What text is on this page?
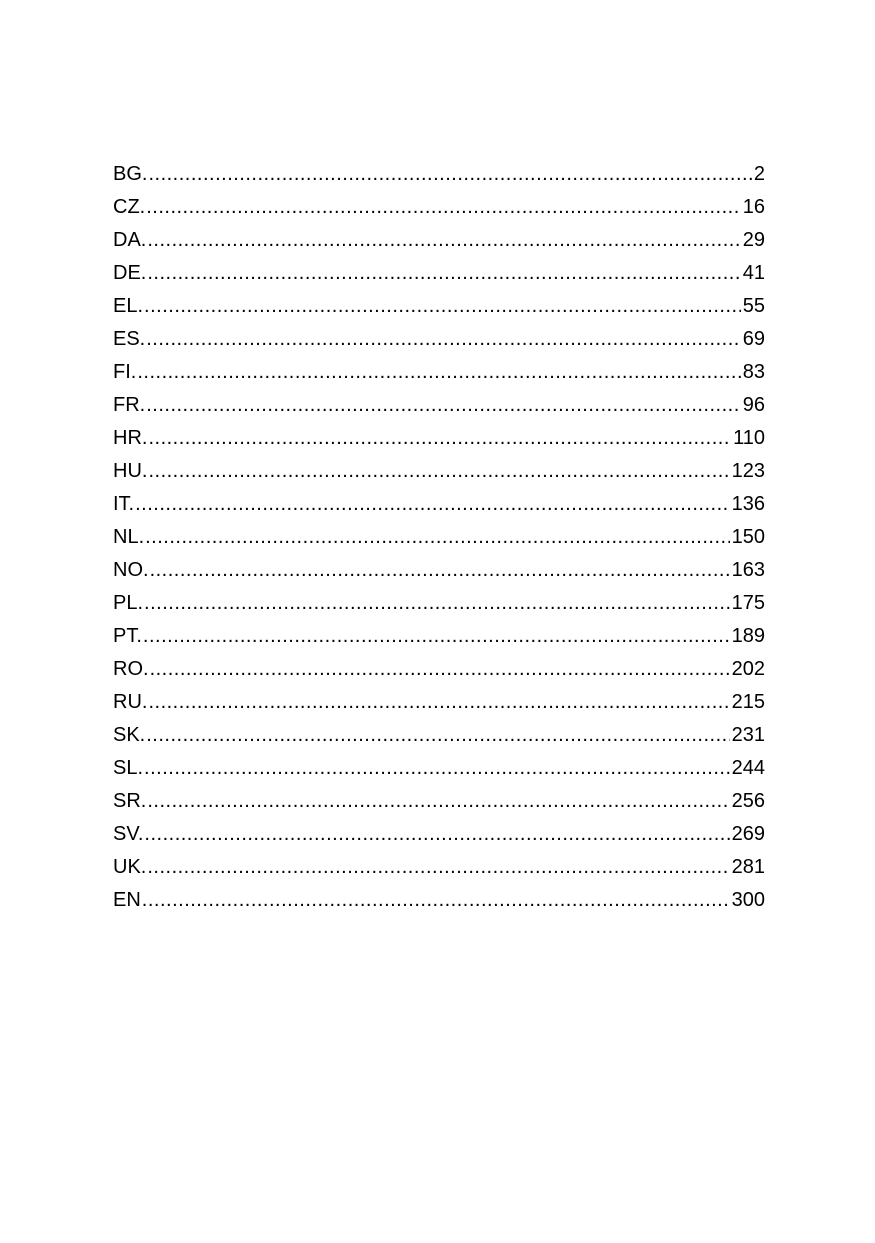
BG. .....	2
CZ. .....	16
DA. .....	29
DE. .....	41
EL. .....	55
ES. .....	69
FI. .....	83
FR. .....	96
HR. .....	110
HU. .....	123
IT. .....	136
NL. .....	150
NO. .....	163
PL. .....	175
PT. .....	189
RO. .....	202
RU. .....	215
SK. .....	231
SL. .....	244
SR. .....	256
SV. .....	269
UK. .....	281
EN .....	300
